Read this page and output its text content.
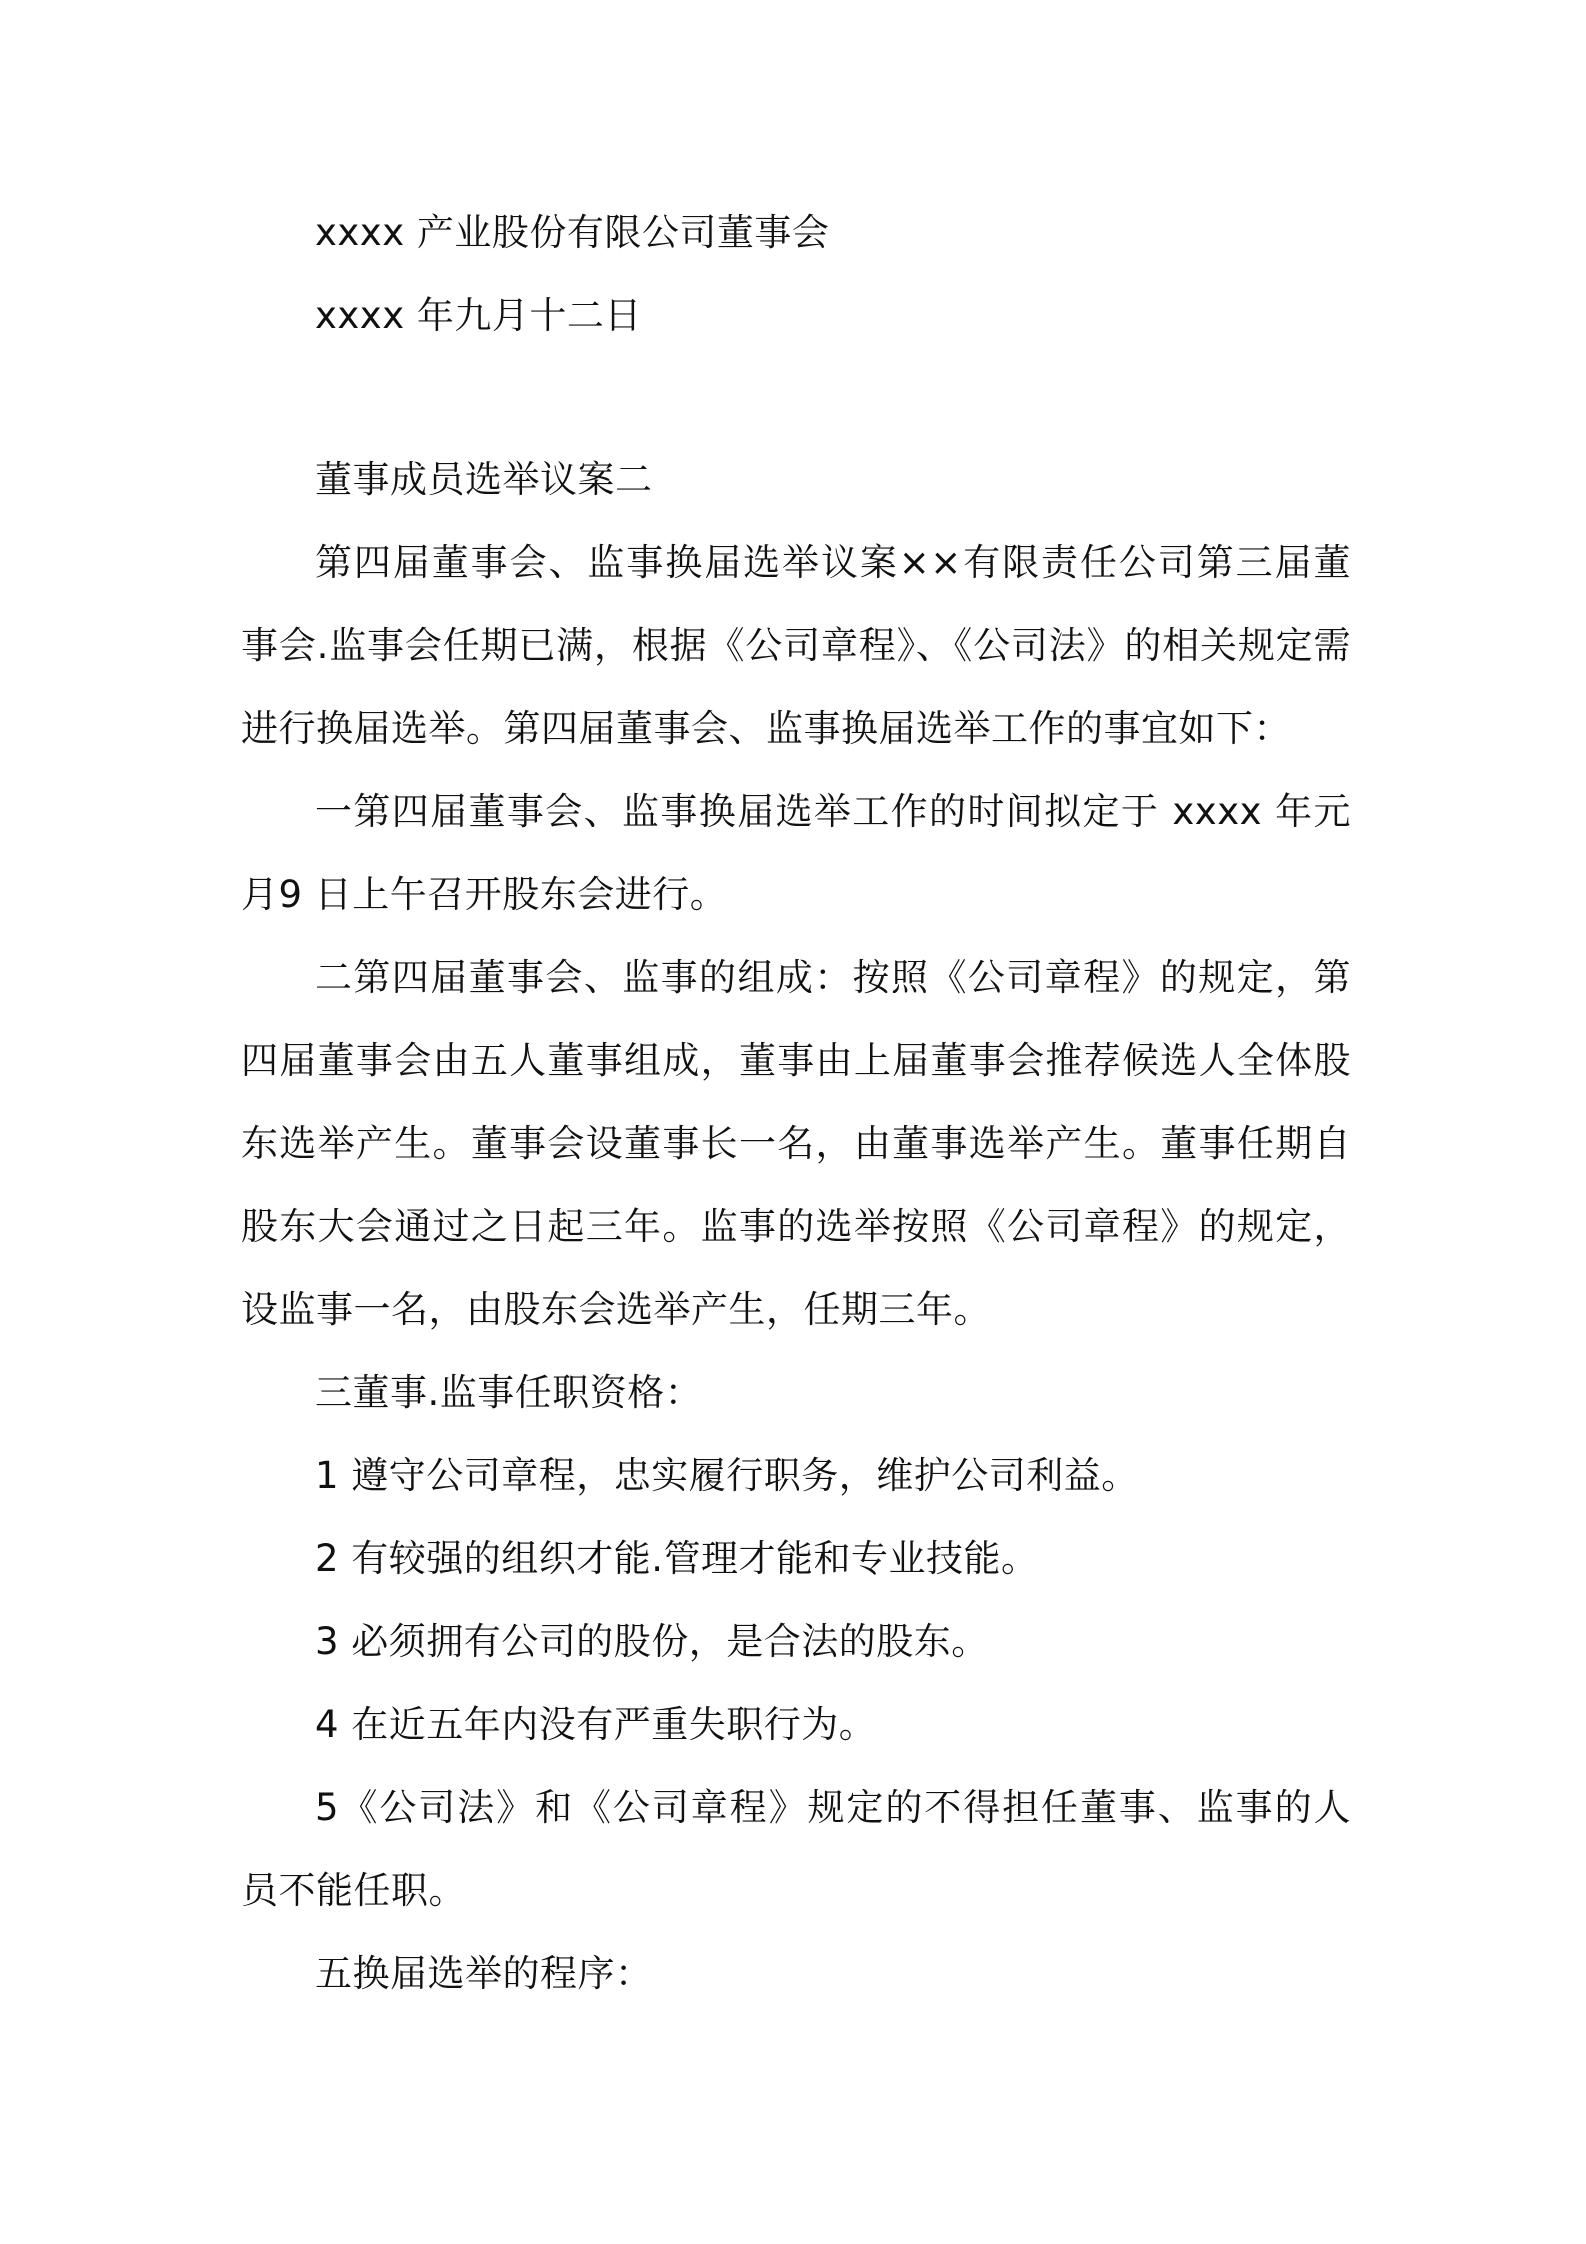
xxxx 产业股份有限公司董事会

xxxx 年九月十二日

董事成员选举议案二

第四届董事会、监事换届选举议案××有限责任公司第三届董事会.监事会任期已满，根据《公司章程》、《公司法》的相关规定需进行换届选举。第四届董事会、监事换届选举工作的事宜如下：

一第四届董事会、监事换届选举工作的时间拟定于 xxxx 年元月9 日上午召开股东会进行。

二第四届董事会、监事的组成：按照《公司章程》的规定，第四届董事会由五人董事组成，董事由上届董事会推荐候选人全体股东选举产生。董事会设董事长一名，由董事选举产生。董事任期自股东大会通过之日起三年。监事的选举按照《公司章程》的规定，设监事一名，由股东会选举产生，任期三年。

三董事.监事任职资格：

1 遵守公司章程，忠实履行职务，维护公司利益。

2 有较强的组织才能.管理才能和专业技能。

3 必须拥有公司的股份，是合法的股东。

4 在近五年内没有严重失职行为。

5《公司法》和《公司章程》规定的不得担任董事、监事的人员不能任职。

五换届选举的程序：
